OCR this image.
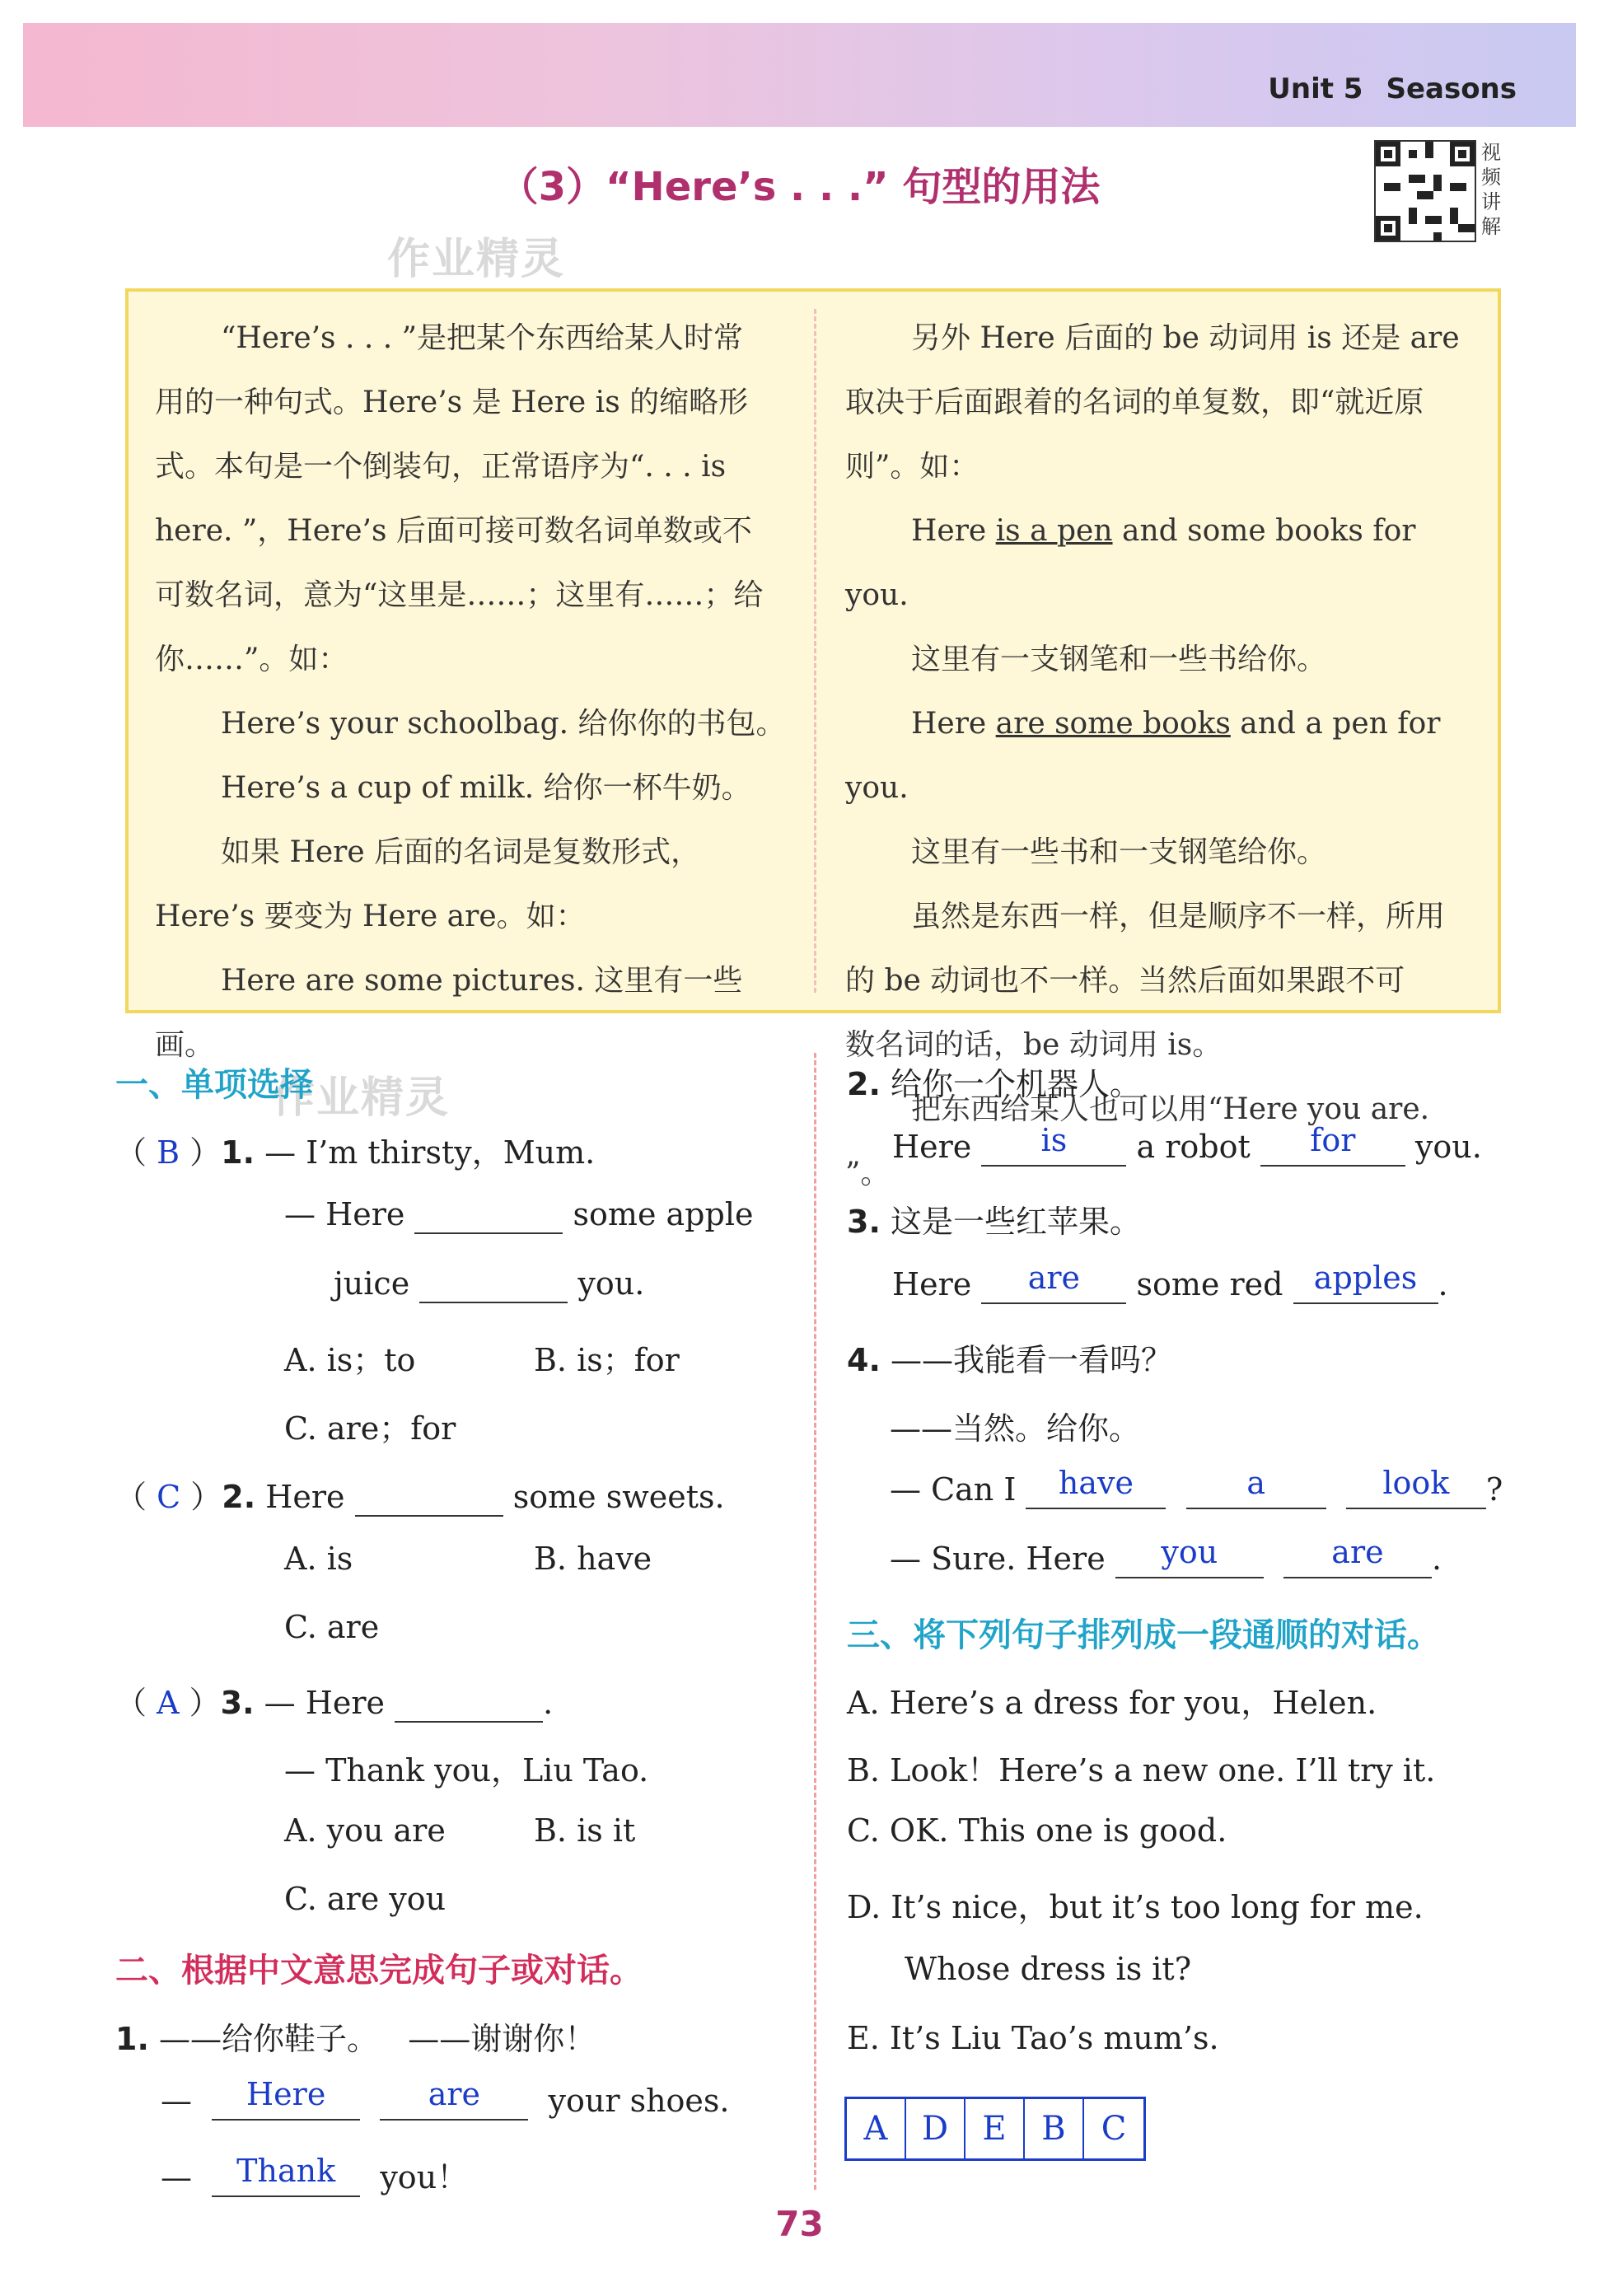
Unit 5 Seasons
（3）“Here’s . . .” 句型的用法
视
频
讲
解
作业精灵
作业精灵

“Here’s . . . ”是把某个东西给某人时常

用的一种句式。Here’s 是 Here is 的缩略形

式。本句是一个倒装句，正常语序为“. . . is

here. ”，Here’s 后面可接可数名词单数或不

可数名词，意为“这里是……；这里有……；给

你……”。如：

Here’s your schoolbag. 给你你的书包。

Here’s a cup of milk. 给你一杯牛奶。

如果 Here 后面的名词是复数形式，

Here’s 要变为 Here are。如：

Here are some pictures. 这里有一些画。

另外 Here 后面的 be 动词用 is 还是 are

取决于后面跟着的名词的单复数，即“就近原

则”。如：

Here is a pen and some books for you.

这里有一支钢笔和一些书给你。

Here are some books and a pen for you.

这里有一些书和一支钢笔给你。

虽然是东西一样，但是顺序不一样，所用

的 be 动词也不一样。当然后面如果跟不可

数名词的话，be 动词用 is。

把东西给某人也可以用“Here you are. ”。

一、单项选择
（ B ）1. — I’m thirsty，Mum.
— Here	some apple
juice	you.
A. is；to	B. is；for
C. are；for
（ C ）2. Here	some sweets.
A. is	B. have
C. are
（ A ）3. — Here	.
— Thank you，Liu Tao.
A. you are	B. is it
C. are you
二、根据中文意思完成句子或对话。
1. ——给你鞋子。 ——谢谢你！
— Here	are your shoes.
— Thank you！
2. 给你一个机器人。
Here is a robot for you.
3. 这是一些红苹果。
Here are some red apples .
4. ——我能看一看吗？
——当然。给你。
— Can I have	a	look ?
— Sure. Here you	are .
三、将下列句子排列成一段通顺的对话。
A. Here’s a dress for you，Helen.
B. Look！Here’s a new one. I’ll try it.
C. OK. This one is good.
D. It’s nice，but it’s too long for me.
Whose dress is it?
E. It’s Liu Tao’s mum’s.
A	D	E	B	C
73
